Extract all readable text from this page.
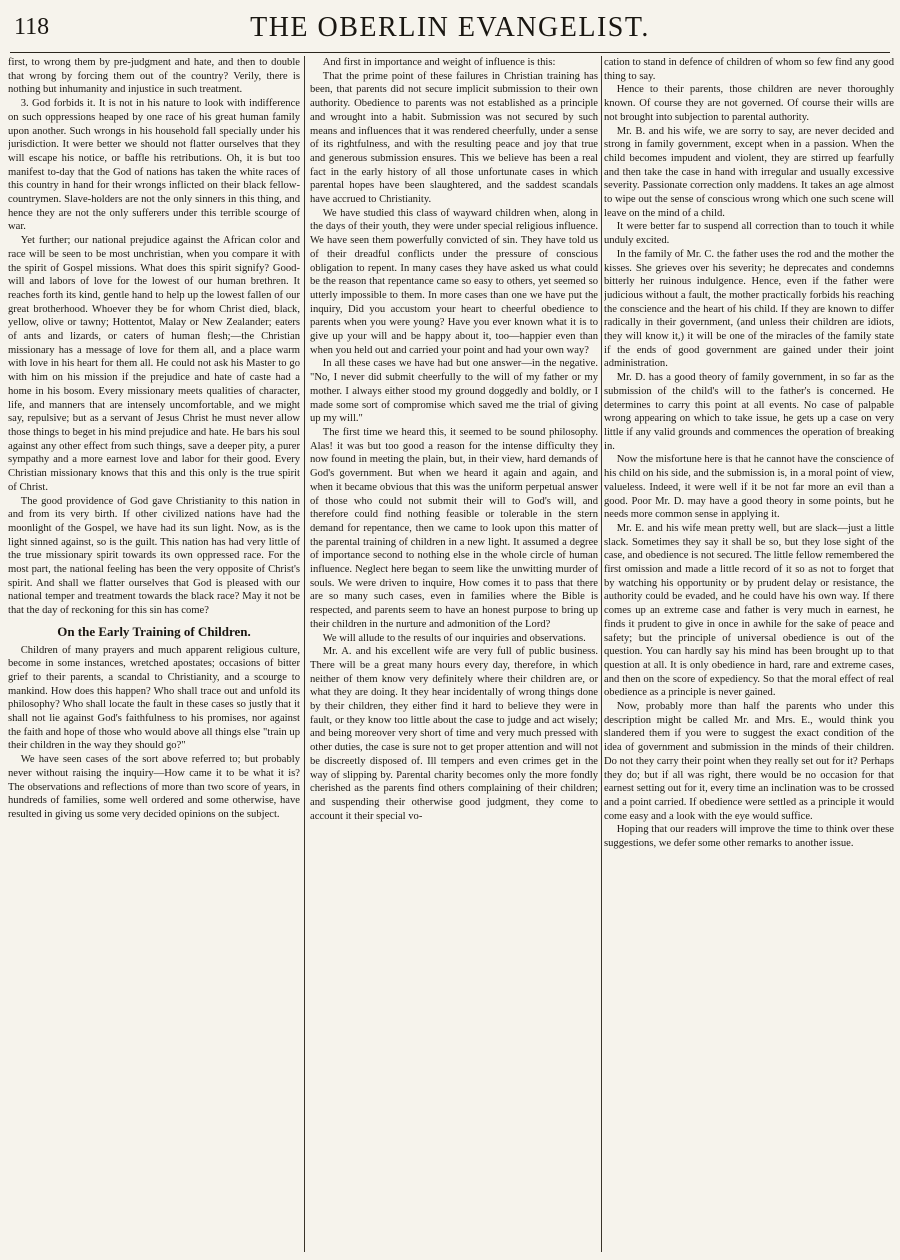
118	THE OBERLIN EVANGELIST.

first, to wrong them by pre-judgment and hate, and then to double that wrong by forcing them out of the country? Verily, there is nothing but inhumanity and injustice in such treatment.

3. God forbids it. It is not in his nature to look with indifference on such oppressions heaped by one race of his great human family upon another. Such wrongs in his household fall specially under his jurisdiction. It were better we should not flatter ourselves that they will escape his notice, or baffle his retributions. Oh, it is but too manifest to-day that the God of nations has taken the white races of this country in hand for their wrongs inflicted on their black fellow-countrymen. Slave-holders are not the only sinners in this thing, and hence they are not the only sufferers under this terrible scourge of war.

Yet further; our national prejudice against the African color and race will be seen to be most unchristian, when you compare it with the spirit of Gospel missions. What does this spirit signify? Good-will and labors of love for the lowest of our human brethren. It reaches forth its kind, gentle hand to help up the lowest fallen of our great brotherhood. Whoever they be for whom Christ died, black, yellow, olive or tawny; Hottentot, Malay or New Zealander; eaters of ants and lizards, or caters of human flesh;—the Christian missionary has a message of love for them all, and a place warm with love in his heart for them all. He could not ask his Master to go with him on his mission if the prejudice and hate of caste had a home in his bosom. Every missionary meets qualities of character, life, and manners that are intensely uncomfortable, and we might say, repulsive; but as a servant of Jesus Christ he must never allow those things to beget in his mind prejudice and hate. He bars his soul against any other effect from such things, save a deeper pity, a purer sympathy and a more earnest love and labor for their good. Every Christian missionary knows that this and this only is the true spirit of Christ.

The good providence of God gave Christianity to this nation in and from its very birth. If other civilized nations have had the moonlight of the Gospel, we have had its sun light. Now, as is the light sinned against, so is the guilt. This nation has had very little of the true missionary spirit towards its own oppressed race. For the most part, the national feeling has been the very opposite of Christ's spirit. And shall we flatter ourselves that God is pleased with our national temper and treatment towards the black race? May it not be that the day of reckoning for this sin has come?

On the Early Training of Children.

Children of many prayers and much apparent religious culture, become in some instances, wretched apostates; occasions of bitter grief to their parents, a scandal to Christianity, and a scourge to mankind. How does this happen? Who shall trace out and unfold its philosophy? Who shall locate the fault in these cases so justly that it shall not lie against God's faithfulness to his promises, nor against the faith and hope of those who would above all things else "train up their children in the way they should go?"

We have seen cases of the sort above referred to; but probably never without raising the inquiry—How came it to be what it is? The observations and reflections of more than two score of years, in hundreds of families, some well ordered and some otherwise, have resulted in giving us some very decided opinions on the subject.

And first in importance and weight of influence is this:

That the prime point of these failures in Christian training has been, that parents did not secure implicit submission to their own authority. Obedience to parents was not established as a principle and wrought into a habit. Submission was not secured by such means and influences that it was rendered cheerfully, under a sense of its rightfulness, and with the resulting peace and joy that true and generous submission ensures. This we believe has been a real fact in the early history of all those unfortunate cases in which parental hopes have been slaughtered, and the saddest scandals have accrued to Christianity.

We have studied this class of wayward children when, along in the days of their youth, they were under special religious influence. We have seen them powerfully convicted of sin. They have told us of their dreadful conflicts under the pressure of conscious obligation to repent. In many cases they have asked us what could be the reason that repentance came so easy to others, yet seemed so utterly impossible to them. In more cases than one we have put the inquiry, Did you accustom your heart to cheerful obedience to parents when you were young? Have you ever known what it is to give up your will and be happy about it, too—happier even than when you held out and carried your point and had your own way?

In all these cases we have had but one answer—in the negative. "No, I never did submit cheerfully to the will of my father or my mother. I always either stood my ground doggedly and boldly, or I made some sort of compromise which saved me the trial of giving up my will."

The first time we heard this, it seemed to be sound philosophy. Alas! it was but too good a reason for the intense difficulty they now found in meeting the plain, but, in their view, hard demands of God's government. But when we heard it again and again, and when it became obvious that this was the uniform perpetual answer of those who could not submit their will to God's will, and therefore could find nothing feasible or tolerable in the stern demand for repentance, then we came to look upon this matter of the parental training of children in a new light. It assumed a degree of importance second to nothing else in the whole circle of human influence. Neglect here began to seem like the unwitting murder of souls. We were driven to inquire, How comes it to pass that there are so many such cases, even in families where the Bible is respected, and parents seem to have an honest purpose to bring up their children in the nurture and admonition of the Lord?

We will allude to the results of our inquiries and observations.

Mr. A. and his excellent wife are very full of public business. There will be a great many hours every day, therefore, in which neither of them know very definitely where their children are, or what they are doing. It they hear incidentally of wrong things done by their children, they either find it hard to believe they were in fault, or they know too little about the case to judge and act wisely; and being moreover very short of time and very much pressed with other duties, the case is sure not to get proper attention and will not be discreetly disposed of. Ill tempers and even crimes get in the way of slipping by. Parental charity becomes only the more fondly cherished as the parents find others complaining of their children; and suspending their otherwise good judgment, they come to account it their special vo-

cation to stand in defence of children of whom so few find any good thing to say.

Hence to their parents, those children are never thoroughly known. Of course they are not governed. Of course their wills are not brought into subjection to parental authority.

Mr. B. and his wife, we are sorry to say, are never decided and strong in family government, except when in a passion. When the child becomes impudent and violent, they are stirred up fearfully and then take the case in hand with irregular and usually excessive severity. Passionate correction only maddens. It takes an age almost to wipe out the sense of conscious wrong which one such scene will leave on the mind of a child.

It were better far to suspend all correction than to touch it while unduly excited.

In the family of Mr. C. the father uses the rod and the mother the kisses. She grieves over his severity; he deprecates and condemns bitterly her ruinous indulgence. Hence, even if the father were judicious without a fault, the mother practically forbids his reaching the conscience and the heart of his child. If they are known to differ radically in their government, (and unless their children are idiots, they will know it,) it will be one of the miracles of the family state if the ends of good government are gained under their joint administration.

Mr. D. has a good theory of family government, in so far as the submission of the child's will to the father's is concerned. He determines to carry this point at all events. No case of palpable wrong appearing on which to take issue, he gets up a case on very little if any valid grounds and commences the operation of breaking in.

Now the misfortune here is that he cannot have the conscience of his child on his side, and the submission is, in a moral point of view, valueless. Indeed, it were well if it be not far more an evil than a good. Poor Mr. D. may have a good theory in some points, but he needs more common sense in applying it.

Mr. E. and his wife mean pretty well, but are slack—just a little slack. Sometimes they say it shall be so, but they lose sight of the case, and obedience is not secured. The little fellow remembered the first omission and made a little record of it so as not to forget that by watching his opportunity or by prudent delay or resistance, the authority could be evaded, and he could have his own way. If there comes up an extreme case and father is very much in earnest, he finds it prudent to give in once in awhile for the sake of peace and safety; but the principle of universal obedience is out of the question. You can hardly say his mind has been brought up to that question at all. It is only obedience in hard, rare and extreme cases, and then on the score of expediency. So that the moral effect of real obedience as a principle is never gained.

Now, probably more than half the parents who under this description might be called Mr. and Mrs. E., would think you slandered them if you were to suggest the exact condition of the idea of government and submission in the minds of their children. Do not they carry their point when they really set out for it? Perhaps they do; but if all was right, there would be no occasion for that earnest setting out for it, every time an inclination was to be crossed and a point carried. If obedience were settled as a principle it would come easy and a look with the eye would suffice.

Hoping that our readers will improve the time to think over these suggestions, we defer some other remarks to another issue.
